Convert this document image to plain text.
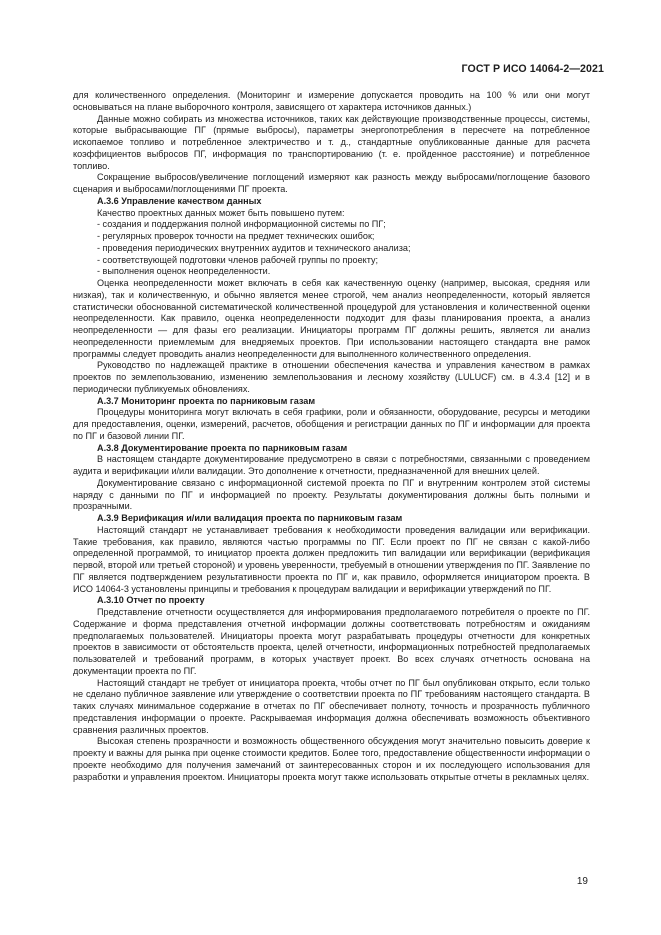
ГОСТ Р ИСО 14064-2—2021

для количественного определения. (Мониторинг и измерение допускается проводить на 100 % или они могут основываться на плане выборочного контроля, зависящего от характера источников данных.)

Данные можно собирать из множества источников, таких как действующие производственные процессы, системы, которые выбрасывающие ПГ (прямые выбросы), параметры энергопотребления в пересчете на потребленное ископаемое топливо и потребленное электричество и т. д., стандартные опубликованные данные для расчета коэффициентов выбросов ПГ, информация по транспортированию (т. е. пройденное расстояние) и потребленное топливо.

Сокращение выбросов/увеличение поглощений измеряют как разность между выбросами/поглощение базового сценария и выбросами/поглощениями ПГ проекта.

А.3.6 Управление качеством данных

Качество проектных данных может быть повышено путем:

- создания и поддержания полной информационной системы по ПГ;

- регулярных проверок точности на предмет технических ошибок;

- проведения периодических внутренних аудитов и технического анализа;

- соответствующей подготовки членов рабочей группы по проекту;

- выполнения оценок неопределенности.

Оценка неопределенности может включать в себя как качественную оценку (например, высокая, средняя или низкая), так и количественную, и обычно является менее строгой, чем анализ неопределенности, который является статистически обоснованной систематической количественной процедурой для установления и количественной оценки неопределенности. Как правило, оценка неопределенности подходит для фазы планирования проекта, а анализ неопределенности — для фазы его реализации. Инициаторы программ ПГ должны решить, является ли анализ неопределенности приемлемым для внедряемых проектов. При использовании настоящего стандарта вне рамок программы следует проводить анализ неопределенности для выполненного количественного определения.

Руководство по надлежащей практике в отношении обеспечения качества и управления качеством в рамках проектов по землепользованию, изменению землепользования и лесному хозяйству (LULUCF) см. в 4.3.4 [12] и в периодически публикуемых обновлениях.

А.3.7 Мониторинг проекта по парниковым газам

Процедуры мониторинга могут включать в себя графики, роли и обязанности, оборудование, ресурсы и методики для предоставления, оценки, измерений, расчетов, обобщения и регистрации данных по ПГ и информации для проекта по ПГ и базовой линии ПГ.

А.3.8 Документирование проекта по парниковым газам

В настоящем стандарте документирование предусмотрено в связи с потребностями, связанными с проведением аудита и верификации и/или валидации. Это дополнение к отчетности, предназначенной для внешних целей.

Документирование связано с информационной системой проекта по ПГ и внутренним контролем этой системы наряду с данными по ПГ и информацией по проекту. Результаты документирования должны быть полными и прозрачными.

А.3.9 Верификация и/или валидация проекта по парниковым газам

Настоящий стандарт не устанавливает требования к необходимости проведения валидации или верификации. Такие требования, как правило, являются частью программы по ПГ. Если проект по ПГ не связан с какой-либо определенной программой, то инициатор проекта должен предложить тип валидации или верификации (верификация первой, второй или третьей стороной) и уровень уверенности, требуемый в отношении утверждения по ПГ. Заявление по ПГ является подтверждением результативности проекта по ПГ и, как правило, оформляется инициатором проекта. В ИСО 14064-3 установлены принципы и требования к процедурам валидации и верификации утверждений по ПГ.

А.3.10 Отчет по проекту

Представление отчетности осуществляется для информирования предполагаемого потребителя о проекте по ПГ. Содержание и форма представления отчетной информации должны соответствовать потребностям и ожиданиям предполагаемых пользователей. Инициаторы проекта могут разрабатывать процедуры отчетности для конкретных проектов в зависимости от обстоятельств проекта, целей отчетности, информационных потребностей предполагаемых пользователей и требований программ, в которых участвует проект. Во всех случаях отчетность основана на документации проекта по ПГ.

Настоящий стандарт не требует от инициатора проекта, чтобы отчет по ПГ был опубликован открыто, если только не сделано публичное заявление или утверждение о соответствии проекта по ПГ требованиям настоящего стандарта. В таких случаях минимальное содержание в отчетах по ПГ обеспечивает полноту, точность и прозрачность публичного представления информации о проекте. Раскрываемая информация должна обеспечивать возможность объективного сравнения различных проектов.

Высокая степень прозрачности и возможность общественного обсуждения могут значительно повысить доверие к проекту и важны для рынка при оценке стоимости кредитов. Более того, предоставление общественности информации о проекте необходимо для получения замечаний от заинтересованных сторон и их последующего использования для разработки и управления проектом. Инициаторы проекта могут также использовать открытые отчеты в рекламных целях.

19
